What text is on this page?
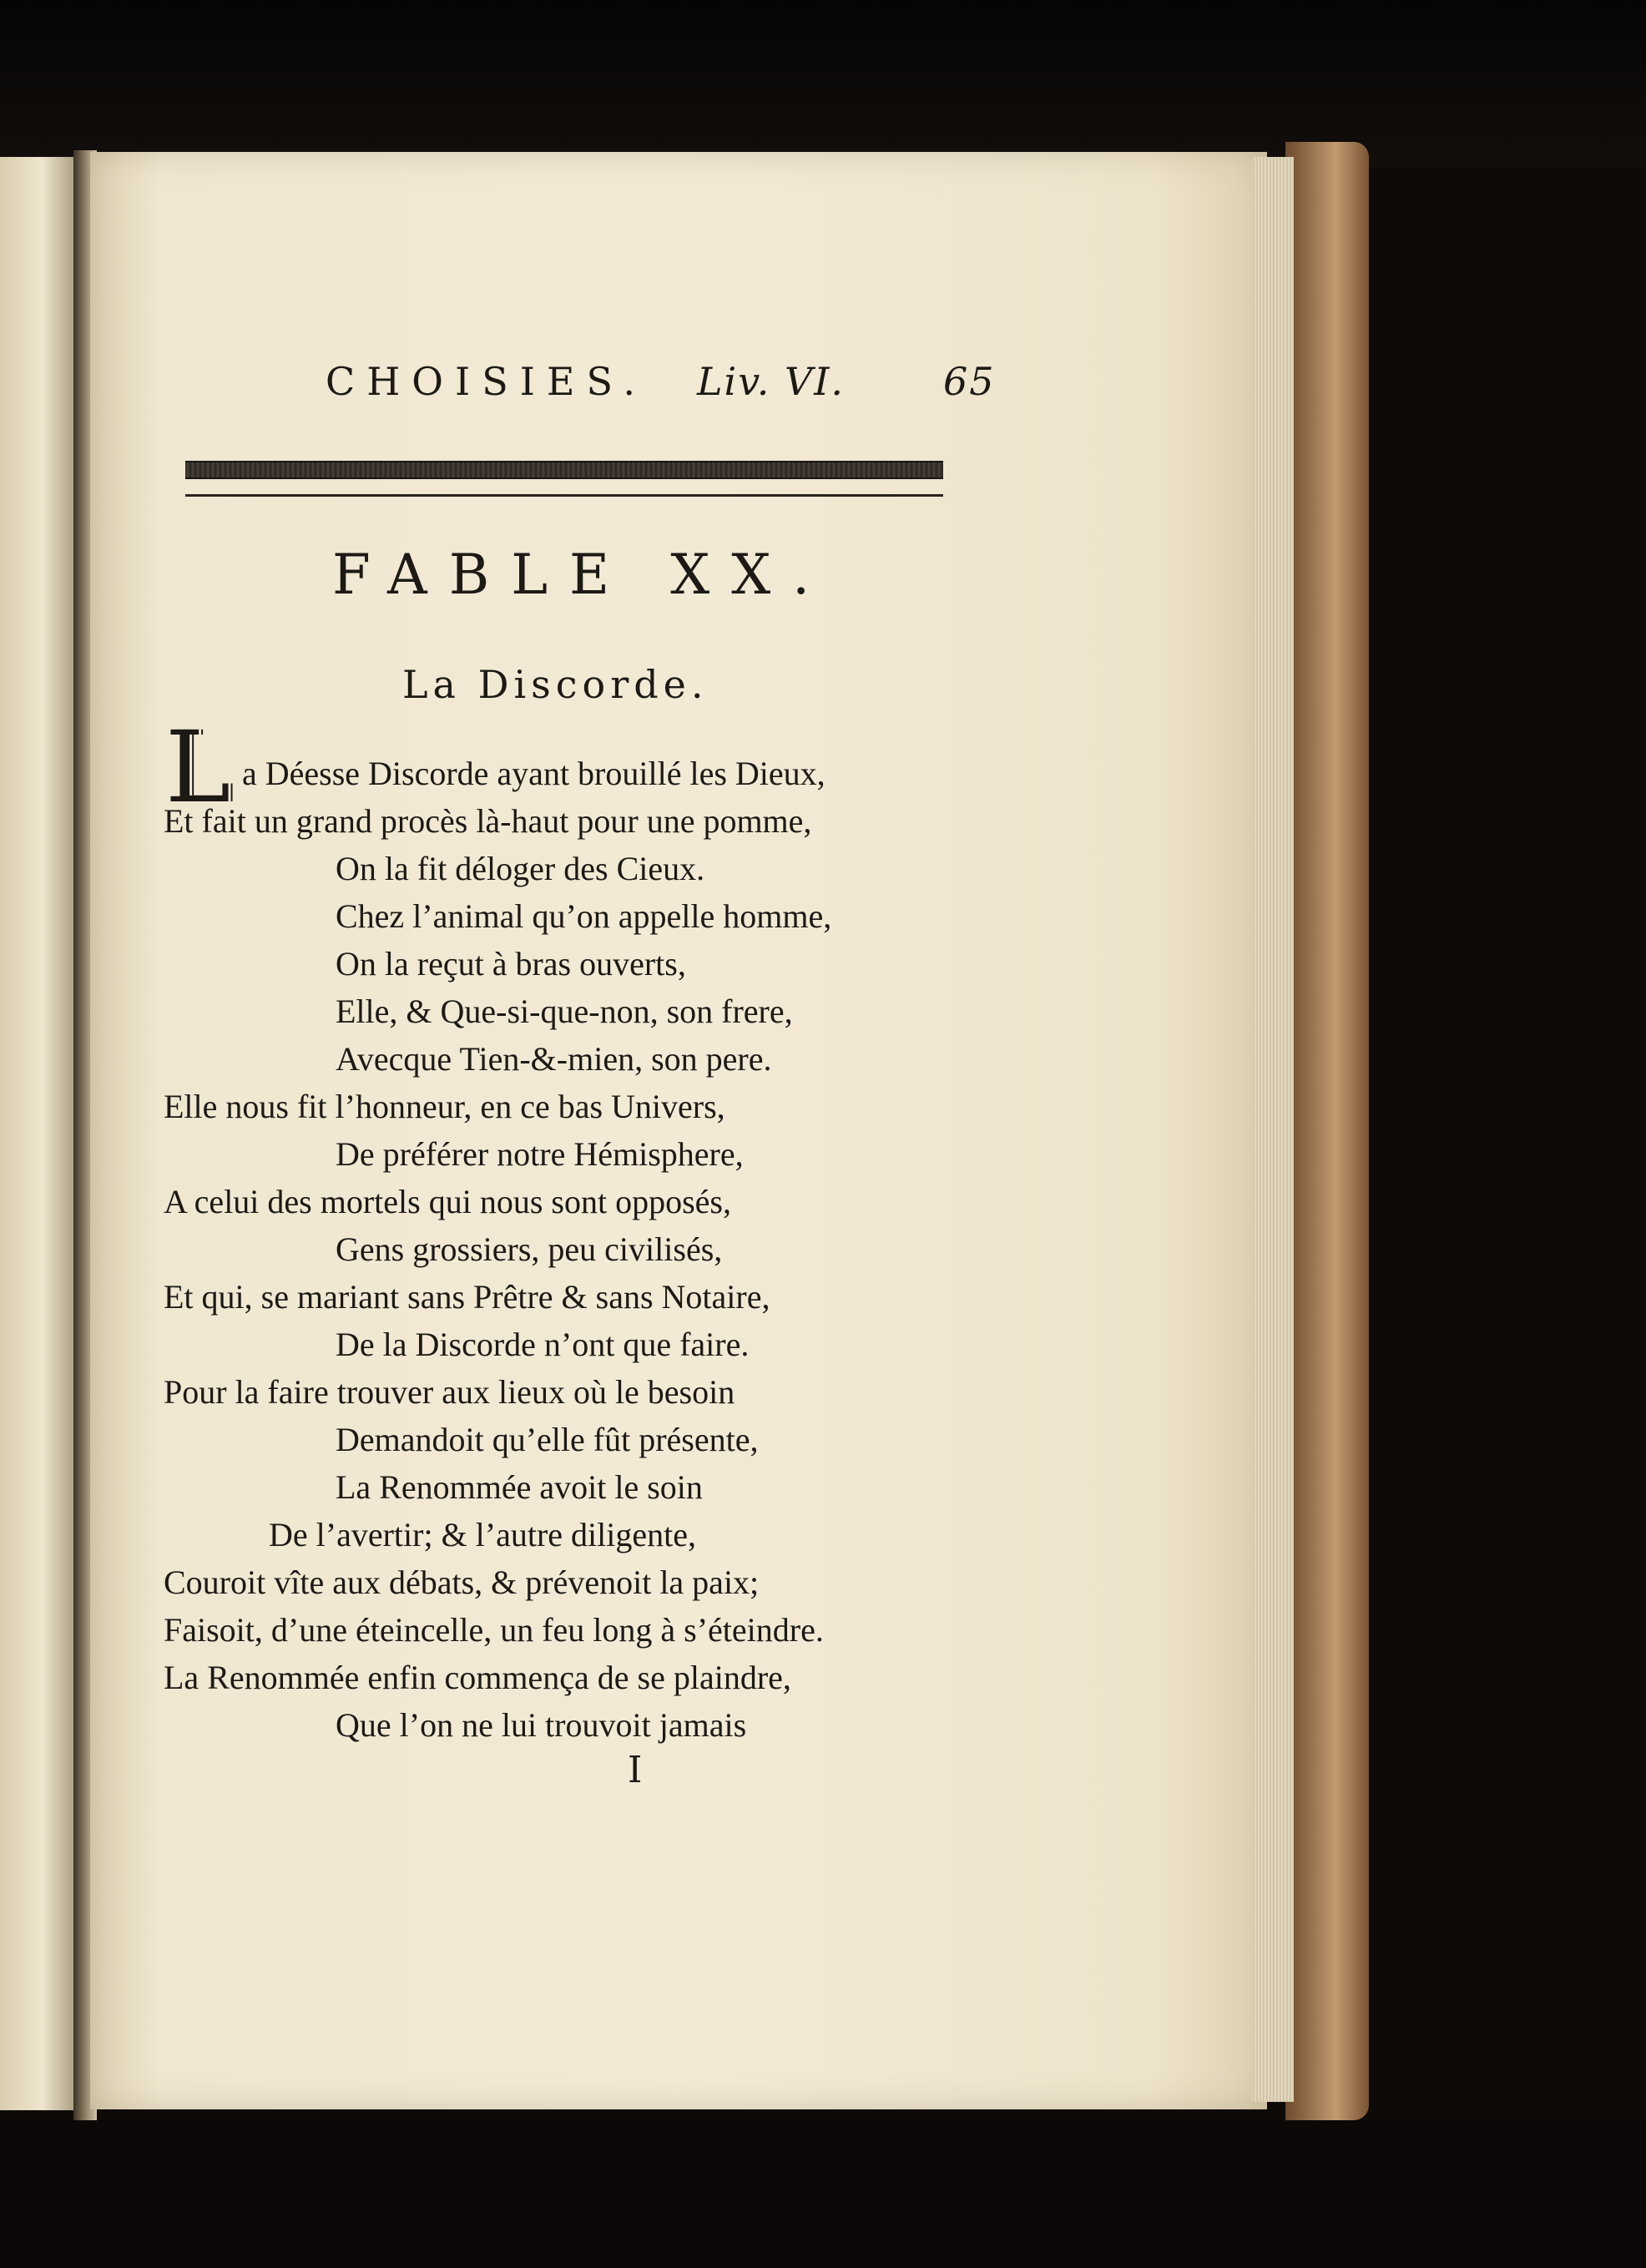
CHOISIES. Liv. VI.	65
FABLE XX.
La Discorde.
L a Déesse Discorde ayant brouillé les Dieux,
Et fait un grand procès là-haut pour une pomme,
On la fit déloger des Cieux.
Chez l’animal qu’on appelle homme,
On la reçut à bras ouverts,
Elle, & Que-si-que-non, son frere,
Avecque Tien-&-mien, son pere.
Elle nous fit l’honneur, en ce bas Univers,
De préférer notre Hémisphere,
A celui des mortels qui nous sont opposés,
Gens grossiers, peu civilisés,
Et qui, se mariant sans Prêtre & sans Notaire,
De la Discorde n’ont que faire.
Pour la faire trouver aux lieux où le besoin
Demandoit qu’elle fût présente,
La Renommée avoit le soin
De l’avertir; & l’autre diligente,
Couroit vîte aux débats, & prévenoit la paix;
Faisoit, d’une éteincelle, un feu long à s’éteindre.
La Renommée enfin commença de se plaindre,
Que l’on ne lui trouvoit jamais
I
